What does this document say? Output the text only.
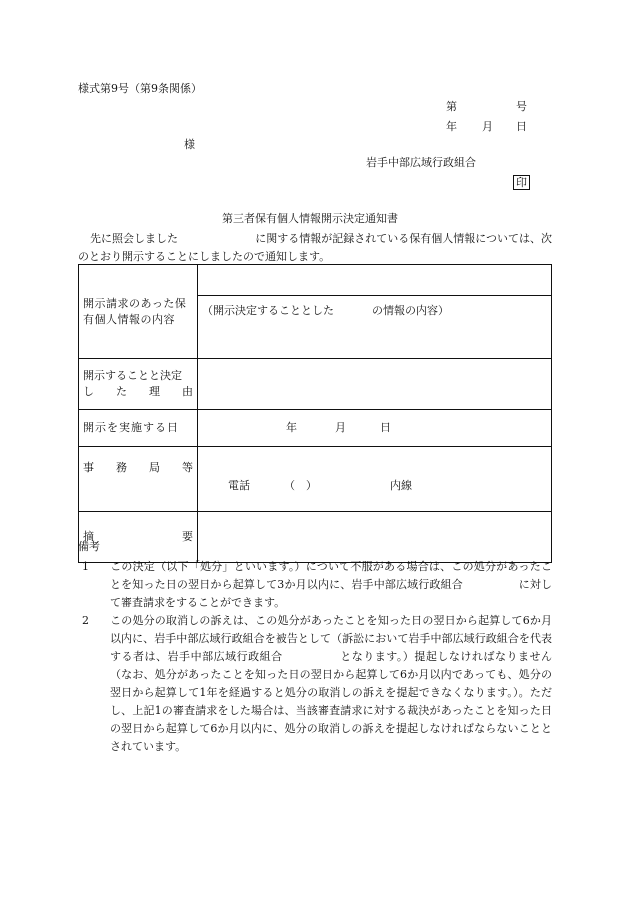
様式第9号（第9条関係）
第	号
年 月 日
様
岩手中部広域行政組合
印
第三者保有個人情報開示決定通知書
先に照会しました	に関する情報が記録されている保有個人情報については、次
のとおり開示することにしましたので通知します。
開示請求のあった保有個人情報の内容	

	（開示決定することとした の情報の内容）

開示することと決定
し た 理 由	

開示を実施する日	年 月 日

事 務 局 等	電話 （　） 内線

摘 要	

備考
1 この決定（以下「処分」といいます。）について不服がある場合は、この処分があったことを知った日の翌日から起算して3か月以内に、岩手中部広域行政組合　　　　　に対して審査請求をすることができます。
2 この処分の取消しの訴えは、この処分があったことを知った日の翌日から起算して6か月以内に、岩手中部広域行政組合を被告として（訴訟において岩手中部広域行政組合を代表する者は、岩手中部広域行政組合　　　　　となります。）提起しなければなりません（なお、処分があったことを知った日の翌日から起算して6か月以内であっても、処分の翌日から起算して1年を経過すると処分の取消しの訴えを提起できなくなります。）。ただし、上記1の審査請求をした場合は、当該審査請求に対する裁決があったことを知った日の翌日から起算して6か月以内に、処分の取消しの訴えを提起しなければならないこととされています。
